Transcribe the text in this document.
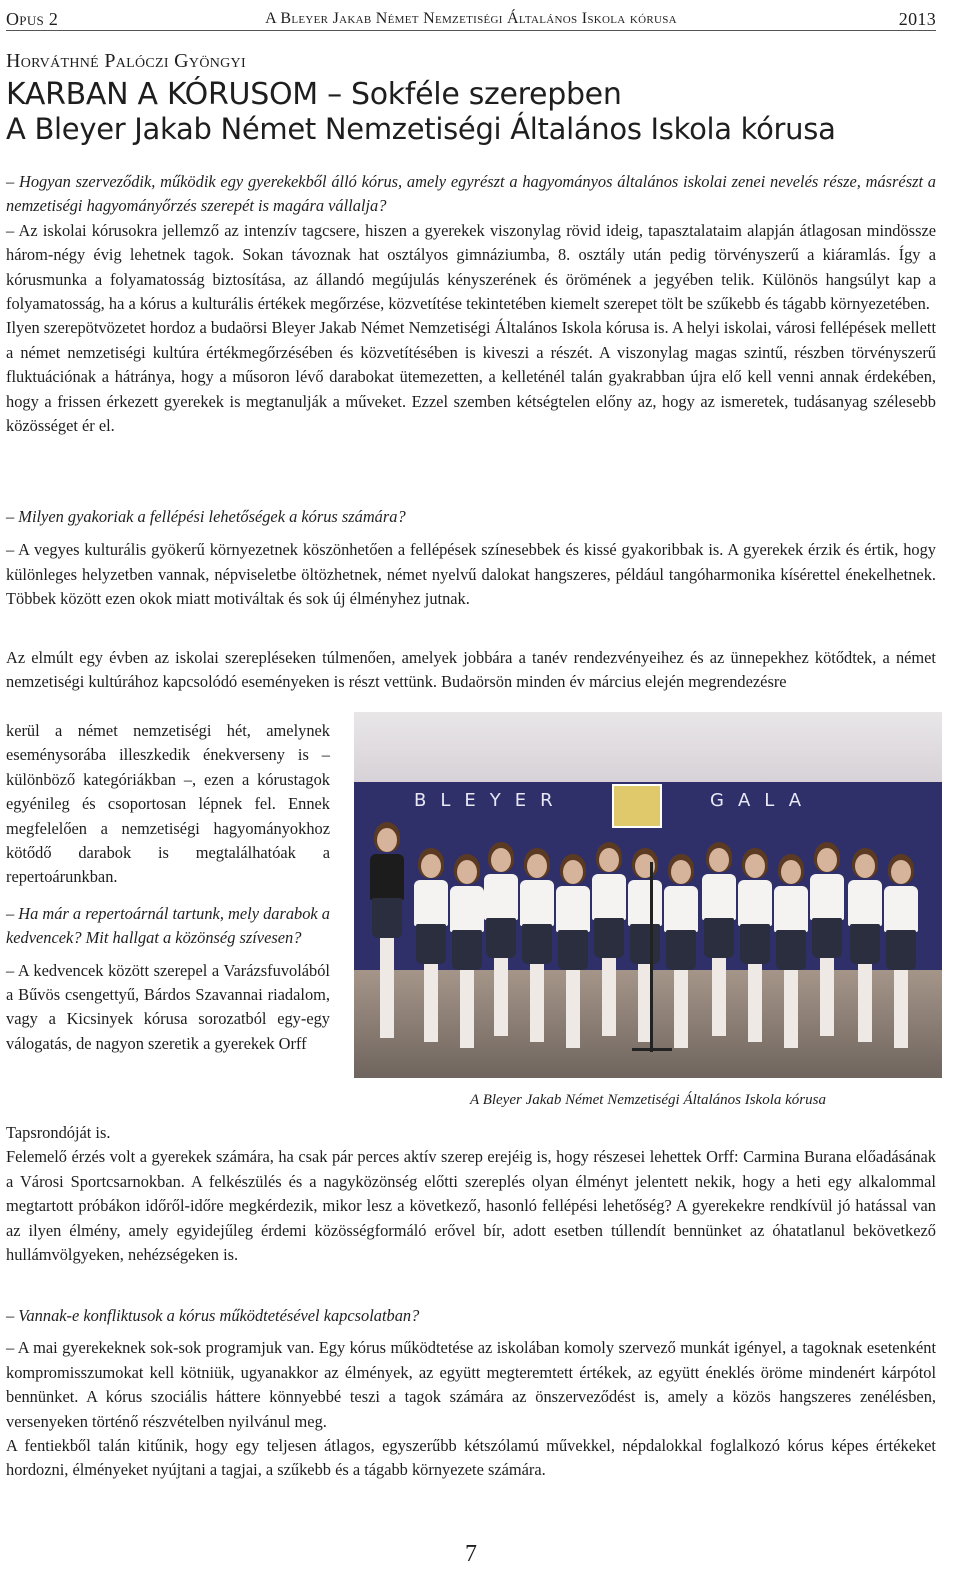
Opus 2	A Bleyer Jakab Német Nemzetiségi Általános Iskola kórusa	2013
Horváthné Palóczi Gyöngyi
KARBAN A KÓRUSOM – Sokféle szerepben
A Bleyer Jakab Német Nemzetiségi Általános Iskola kórusa

– Hogyan szerveződik, működik egy gyerekekből álló kórus, amely egyrészt a hagyományos általános iskolai zenei nevelés része, másrészt a nemzetiségi hagyományőrzés szerepét is magára vállalja?

– Az iskolai kórusokra jellemző az intenzív tagcsere, hiszen a gyerekek viszonylag rövid ideig, tapasztalataim alapján átlagosan mindössze három-négy évig lehetnek tagok. Sokan távoznak hat osztályos gimnáziumba, 8. osztály után pedig törvényszerű a kiáramlás. Így a kórusmunka a folyamatosság biztosítása, az állandó megújulás kényszerének és örömének a jegyében telik. Különös hangsúlyt kap a folyamatosság, ha a kórus a kulturális értékek megőrzése, közvetítése tekintetében kiemelt szerepet tölt be szűkebb és tágabb környezetében.

Ilyen szerepötvözetet hordoz a budaörsi Bleyer Jakab Német Nemzetiségi Általános Iskola kórusa is. A helyi iskolai, városi fellépések mellett a német nemzetiségi kultúra értékmegőrzésében és közvetítésében is kiveszi a részét. A viszonylag magas szintű, részben törvényszerű fluktuációnak a hátránya, hogy a műsoron lévő darabokat ütemezetten, a kelleténél talán gyakrabban újra elő kell venni annak érdekében, hogy a frissen érkezett gyerekek is megtanulják a műveket. Ezzel szemben kétségtelen előny az, hogy az ismeretek, tudásanyag szélesebb közösséget ér el.

– Milyen gyakoriak a fellépési lehetőségek a kórus számára?

– A vegyes kulturális gyökerű környezetnek köszönhetően a fellépések színesebbek és kissé gyakoribbak is. A gyerekek érzik és értik, hogy különleges helyzetben vannak, népviseletbe öltözhetnek, német nyelvű dalokat hangszeres, például tangóharmonika kísérettel énekelhetnek. Többek között ezen okok miatt motiváltak és sok új élményhez jutnak.

Az elmúlt egy évben az iskolai szerepléseken túlmenően, amelyek jobbára a tanév rendezvényeihez és az ünnepekhez kötődtek, a német nemzetiségi kultúrához kapcsolódó eseményeken is részt vettünk. Budaörsön minden év március elején megrendezésre

kerül a német nemzetiségi hét, amelynek eseménysorába illeszkedik énekverseny is – különböző kategóriákban –, ezen a kórustagok egyénileg és csoportosan lépnek fel. Ennek megfelelően a nemzetiségi hagyományokhoz kötődő darabok is megtalálhatóak a repertoárunkban.

– Ha már a repertoárnál tartunk, mely darabok a kedvencek? Mit hallgat a közönség szívesen?

– A kedvencek között szerepel a Varázsfuvolából a Bűvös csengettyű, Bárdos Szavannai riadalom, vagy a Kicsinyek kórusa sorozatból egy-egy válogatás, de nagyon szeretik a gyerekek Orff

BLEYER	GALA
A Bleyer Jakab Német Nemzetiségi Általános Iskola kórusa

Tapsrondóját is.

Felemelő érzés volt a gyerekek számára, ha csak pár perces aktív szerep erejéig is, hogy részesei lehettek Orff: Carmina Burana előadásának a Városi Sportcsarnokban. A felkészülés és a nagyközönség előtti szereplés olyan élményt jelentett nekik, hogy a heti egy alkalommal megtartott próbákon időről-időre megkérdezik, mikor lesz a következő, hasonló fellépési lehetőség? A gyerekekre rendkívül jó hatással van az ilyen élmény, amely egyidejűleg érdemi közösségformáló erővel bír, adott esetben túllendít bennünket az óhatatlanul bekövetkező hullámvölgyeken, nehézségeken is.

– Vannak-e konfliktusok a kórus működtetésével kapcsolatban?

– A mai gyerekeknek sok-sok programjuk van. Egy kórus működtetése az iskolában komoly szervező munkát igényel, a tagoknak esetenként kompromisszumokat kell kötniük, ugyanakkor az élmények, az együtt megteremtett értékek, az együtt éneklés öröme mindenért kárpótol bennünket. A kórus szociális háttere könnyebbé teszi a tagok számára az önszerveződést is, amely a közös hangszeres zenélésben, versenyeken történő részvételben nyilvánul meg.

A fentiekből talán kitűnik, hogy egy teljesen átlagos, egyszerűbb kétszólamú művekkel, népdalokkal foglalkozó kórus képes értékeket hordozni, élményeket nyújtani a tagjai, a szűkebb és a tágabb környezete számára.

7
